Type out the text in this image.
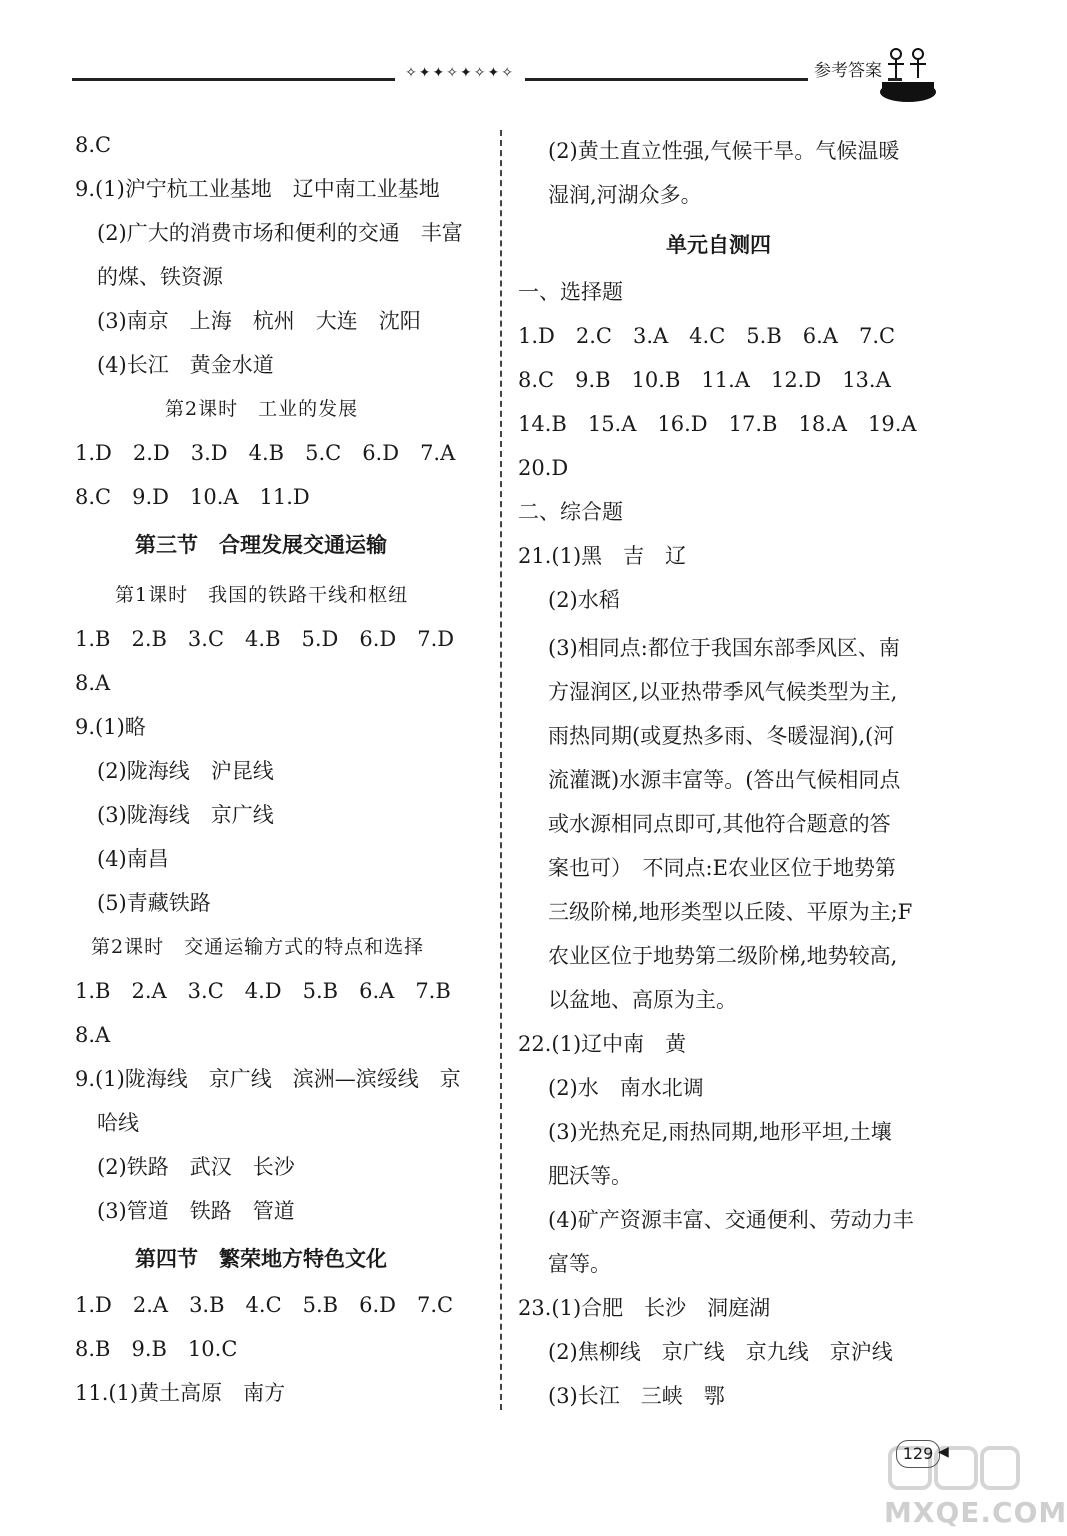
✧✦✦✧✦✧✦✧	参考答案
8.C
9.(1)沪宁杭工业基地　辽中南工业基地
(2)广大的消费市场和便利的交通　丰富
的煤、铁资源
(3)南京　上海　杭州　大连　沈阳
(4)长江　黄金水道
第2课时　工业的发展
1.D　2.D　3.D　4.B　5.C　6.D　7.A
8.C　9.D　10.A　11.D
第三节　合理发展交通运输
第1课时　我国的铁路干线和枢纽
1.B　2.B　3.C　4.B　5.D　6.D　7.D
8.A
9.(1)略
(2)陇海线　沪昆线
(3)陇海线　京广线
(4)南昌
(5)青藏铁路
第2课时　交通运输方式的特点和选择
1.B　2.A　3.C　4.D　5.B　6.A　7.B
8.A
9.(1)陇海线　京广线　滨洲—滨绥线　京
哈线
(2)铁路　武汉　长沙
(3)管道　铁路　管道
第四节　繁荣地方特色文化
1.D　2.A　3.B　4.C　5.B　6.D　7.C
8.B　9.B　10.C
11.(1)黄土高原　南方
(2)黄土直立性强,气候干旱。气候温暖
湿润,河湖众多。
单元自测四
一、选择题
1.D　2.C　3.A　4.C　5.B　6.A　7.C
8.C　9.B　10.B　11.A　12.D　13.A
14.B　15.A　16.D　17.B　18.A　19.A
20.D
二、综合题
21.(1)黑　吉　辽
(2)水稻
(3)相同点:都位于我国东部季风区、南
方湿润区,以亚热带季风气候类型为主,
雨热同期(或夏热多雨、冬暖湿润),(河
流灌溉)水源丰富等。(答出气候相同点
或水源相同点即可,其他符合题意的答
案也可）　不同点:E农业区位于地势第
三级阶梯,地形类型以丘陵、平原为主;F
农业区位于地势第二级阶梯,地势较高,
以盆地、高原为主。
22.(1)辽中南　黄
(2)水　南水北调
(3)光热充足,雨热同期,地形平坦,土壤
肥沃等。
(4)矿产资源丰富、交通便利、劳动力丰
富等。
23.(1)合肥　长沙　洞庭湖
(2)焦柳线　京广线　京九线　京沪线
(3)长江　三峡　鄂
MXQE.COM
129 ◀
